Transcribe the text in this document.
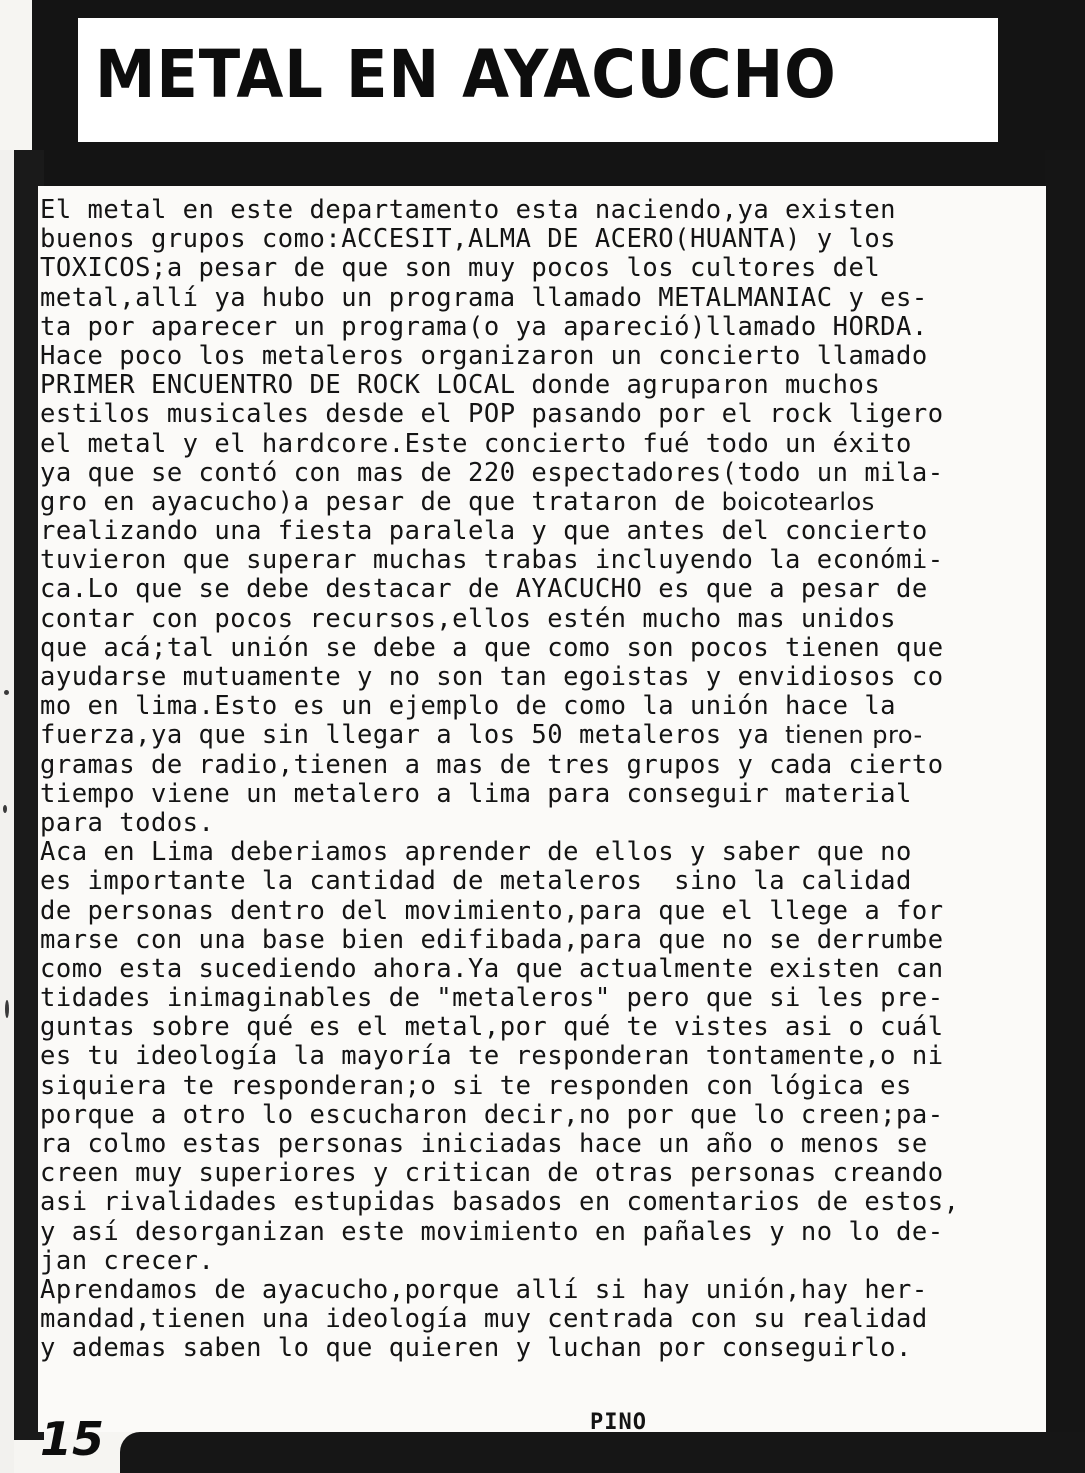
METAL EN AYACUCHO
El metal en este departamento esta naciendo,ya existen
buenos grupos como:ACCESIT,ALMA DE ACERO(HUANTA) y los
TOXICOS;a pesar de que son muy pocos los cultores del
metal,allí ya hubo un programa llamado METALMANIAC y es-
ta por aparecer un programa(o ya apareció)llamado HORDA.
Hace poco los metaleros organizaron un concierto llamado
PRIMER ENCUENTRO DE ROCK LOCAL donde agruparon muchos
estilos musicales desde el POP pasando por el rock ligero
el metal y el hardcore.Este concierto fué todo un éxito
ya que se contó con mas de 220 espectadores(todo un mila-
gro en ayacucho)a pesar de que trataron de boicotearlos
realizando una fiesta paralela y que antes del concierto
tuvieron que superar muchas trabas incluyendo la económi-
ca.Lo que se debe destacar de AYACUCHO es que a pesar de
contar con pocos recursos,ellos estén mucho mas unidos
que acá;tal unión se debe a que como son pocos tienen que
ayudarse mutuamente y no son tan egoistas y envidiosos co
mo en lima.Esto es un ejemplo de como la unión hace la
fuerza,ya que sin llegar a los 50 metaleros ya tienen pro-
gramas de radio,tienen a mas de tres grupos y cada cierto
tiempo viene un metalero a lima para conseguir material
para todos.
Aca en Lima deberiamos aprender de ellos y saber que no
es importante la cantidad de metaleros  sino la calidad
de personas dentro del movimiento,para que el llege a for
marse con una base bien edifibada,para que no se derrumbe
como esta sucediendo ahora.Ya que actualmente existen can
tidades inimaginables de "metaleros" pero que si les pre-
guntas sobre qué es el metal,por qué te vistes asi o cuál
es tu ideología la mayoría te responderan tontamente,o ni
siquiera te responderan;o si te responden con lógica es
porque a otro lo escucharon decir,no por que lo creen;pa-
ra colmo estas personas iniciadas hace un año o menos se
creen muy superiores y critican de otras personas creando
asi rivalidades estupidas basados en comentarios de estos,
y así desorganizan este movimiento en pañales y no lo de-
jan crecer.
Aprendamos de ayacucho,porque allí si hay unión,hay her-
mandad,tienen una ideología muy centrada con su realidad
y ademas saben lo que quieren y luchan por conseguirlo.
PINO
15
